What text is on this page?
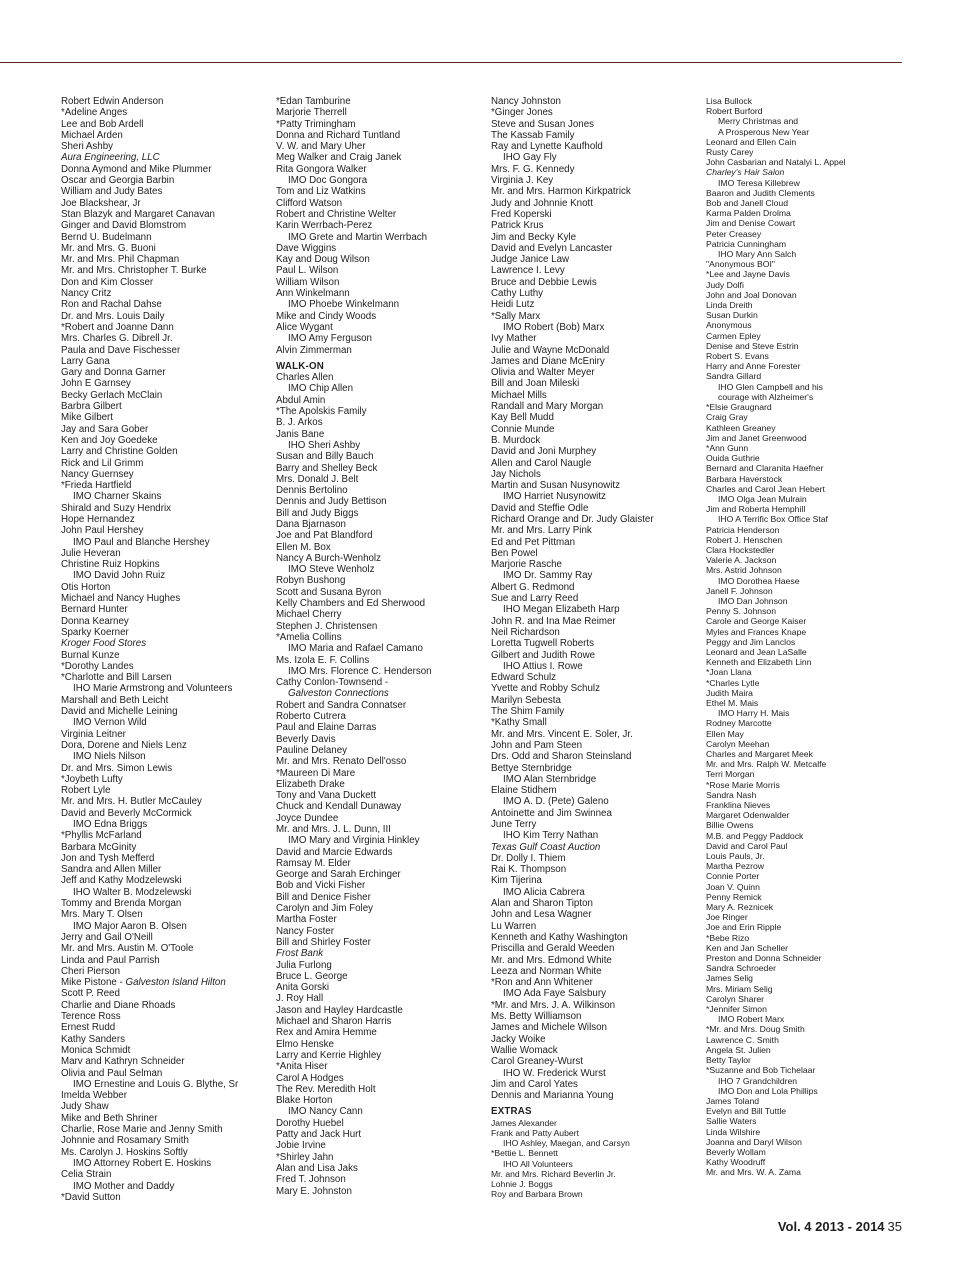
Robert Edwin Anderson
*Adeline Anges
Lee and Bob Ardell
Michael Arden
Sheri Ashby
Aura Engineering, LLC
Donna Aymond and Mike Plummer
Oscar and Georgia Barbin
William and Judy Bates
Joe Blackshear, Jr
Stan Blazyk and Margaret Canavan
Ginger and David Blomstrom
Bernd U. Budelmann
Mr. and Mrs. G. Buoni
Mr. and Mrs. Phil Chapman
Mr. and Mrs. Christopher T. Burke
Don and Kim Closser
Nancy Critz
Ron and Rachal Dahse
Dr. and Mrs. Louis Daily
*Robert and Joanne Dann
Mrs. Charles G. Dibrell Jr.
Paula and Dave Fischesser
Larry Gana
Gary and Donna Garner
John E Garnsey
Becky Gerlach McClain
Barbra Gilbert
Mike Gilbert
Jay and Sara Gober
Ken and Joy Goedeke
Larry and Christine Golden
Rick and Lil Grimm
Nancy Guernsey
*Frieda Hartfield
IMO Charner Skains
Shirald and Suzy Hendrix
Hope Hernandez
John Paul Hershey
IMO Paul and Blanche Hershey
Julie Heveran
Christine Ruiz Hopkins
IMO David John Ruiz
Otis Horton
Michael and Nancy Hughes
Bernard Hunter
Donna Kearney
Sparky Koerner
Kroger Food Stores
Burnal Kunze
*Dorothy Landes
*Charlotte and Bill Larsen
IHO Marie Armstrong and Volunteers
Marshall and Beth Leicht
David and Michelle Leining
IMO Vernon Wild
Virginia Leitner
Dora, Dorene and Niels Lenz
IMO Niels Nilson
Dr. and Mrs. Simon Lewis
*Joybeth Lufty
Robert Lyle
Mr. and Mrs. H. Butler McCauley
David and Beverly McCormick
IMO Edna Briggs
*Phyllis McFarland
Barbara McGinity
Jon and Tysh Mefferd
Sandra and Allen Miller
Jeff and Kathy Modzelewski
IHO Walter B. Modzelewski
Tommy and Brenda Morgan
Mrs. Mary T. Olsen
IMO Major Aaron B. Olsen
Jerry and Gail O'Neill
Mr. and Mrs. Austin M. O'Toole
Linda and Paul Parrish
Cheri Pierson
Mike Pistone - Galveston Island Hilton
Scott P. Reed
Charlie and Diane Rhoads
Terence Ross
Ernest Rudd
Kathy Sanders
Monica Schmidt
Marv and Kathryn Schneider
Olivia and Paul Selman
IMO Ernestine and Louis G. Blythe, Sr
Imelda Webber
Judy Shaw
Mike and Beth Shriner
Charlie, Rose Marie and Jenny Smith
Johnnie and Rosamary Smith
Ms. Carolyn J. Hoskins Softly
IMO Attorney Robert E. Hoskins
Celia Strain
IMO Mother and Daddy
*David Sutton
*Edan Tamburine
Marjorie Therrell
*Patty Trimingham
Donna and Richard Tuntland
V. W. and Mary Uher
Meg Walker and Craig Janek
Rita Gongora Walker
IMO Doc Gongora
Tom and Liz Watkins
Clifford Watson
Robert and Christine Welter
Karin Werrbach-Perez
IMO Grete and Martin Werrbach
Dave Wiggins
Kay and Doug Wilson
Paul L. Wilson
William Wilson
Ann Winkelmann
IMO Phoebe Winkelmann
Mike and Cindy Woods
Alice Wygant
IMO Amy Ferguson
Alvin Zimmerman
WALK-ON
Charles Allen
IMO Chip Allen
Abdul Amin
*The Apolskis Family
B. J. Arkos
Janis Bane
IHO Sheri Ashby
Susan and Billy Bauch
Barry and Shelley Beck
Mrs. Donald J. Belt
Dennis Bertolino
Dennis and Judy Bettison
Bill and Judy Biggs
Dana Bjarnason
Joe and Pat Blandford
Ellen M. Box
Nancy A Burch-Wenholz
IMO Steve Wenholz
Robyn Bushong
Scott and Susana Byron
Kelly Chambers and Ed Sherwood
Michael Cherry
Stephen J. Christensen
*Amelia Collins
IMO Maria and Rafael Camano
Ms. Izola E. F. Collins
IMO Mrs. Florence C. Henderson
Cathy Conlon-Townsend -
Galveston Connections
Robert and Sandra Connatser
Roberto Cutrera
Paul and Elaine Darras
Beverly Davis
Pauline Delaney
Mr. and Mrs. Renato Dell'osso
*Maureen Di Mare
Elizabeth Drake
Tony and Vana Duckett
Chuck and Kendall Dunaway
Joyce Dundee
Mr. and Mrs. J. L. Dunn, III
IMO Mary and Virginia Hinkley
David and Marcie Edwards
Ramsay M. Elder
George and Sarah Erchinger
Bob and Vicki Fisher
Bill and Denice Fisher
Carolyn and Jim Foley
Martha Foster
Nancy Foster
Bill and Shirley Foster
Frost Bank
Julia Furlong
Bruce L. George
Anita Gorski
J. Roy Hall
Jason and Hayley Hardcastle
Michael and Sharon Harris
Rex and Amira Hemme
Elmo Henske
Larry and Kerrie Highley
*Anita Hiser
Carol A Hodges
The Rev. Meredith Holt
Blake Horton
IMO Nancy Cann
Dorothy Huebel
Patty and Jack Hurt
Jobie Irvine
*Shirley Jahn
Alan and Lisa Jaks
Fred T. Johnson
Mary E. Johnston
Nancy Johnston
*Ginger Jones
Steve and Susan Jones
The Kassab Family
Ray and Lynette Kaufhold
IHO Gay Fly
Mrs. F. G. Kennedy
Virginia J. Key
Mr. and Mrs. Harmon Kirkpatrick
Judy and Johnnie Knott
Fred Koperski
Patrick Krus
Jim and Becky Kyle
David and Evelyn Lancaster
Judge Janice Law
Lawrence I. Levy
Bruce and Debbie Lewis
Cathy Luthy
Heidi Lutz
*Sally Marx
IMO Robert (Bob) Marx
Ivy Mather
Julie and Wayne McDonald
James and Diane McEniry
Olivia and Walter Meyer
Bill and Joan Mileski
Michael Mills
Randall and Mary Morgan
Kay Bell Mudd
Connie Munde
B. Murdock
David and Joni Murphey
Allen and Carol Naugle
Jay Nichols
Martin and Susan Nusynowitz
IMO Harriet Nusynowitz
David and Steffie Odle
Richard Orange and Dr. Judy Glaister
Mr. and Mrs. Larry Pink
Ed and Pet Pittman
Ben Powel
Marjorie Rasche
IMO Dr. Sammy Ray
Albert G. Redmond
Sue and Larry Reed
IHO Megan Elizabeth Harp
John R. and Ina Mae Reimer
Neil Richardson
Loretta Tugwell Roberts
Gilbert and Judith Rowe
IHO Attius I. Rowe
Edward Schulz
Yvette and Robby Schulz
Marilyn Sebesta
The Shim Family
*Kathy Small
Mr. and Mrs. Vincent E. Soler, Jr.
John and Pam Steen
Drs. Odd and Sharon Steinsland
Bettye Sternbridge
IMO Alan Sternbridge
Elaine Stidhem
IMO A. D. (Pete) Galeno
Antoinette and Jim Swinnea
June Terry
IHO Kim Terry Nathan
Texas Gulf Coast Auction
Dr. Dolly I. Thiem
Rai K. Thompson
Kim Tijerina
IMO Alicia Cabrera
Alan and Sharon Tipton
John and Lesa Wagner
Lu Warren
Kenneth and Kathy Washington
Priscilla and Gerald Weeden
Mr. and Mrs. Edmond White
Leeza and Norman White
*Ron and Ann Whitener
IMO Ada Faye Salsbury
*Mr. and Mrs. J. A. Wilkinson
Ms. Betty Williamson
James and Michele Wilson
Jacky Woike
Wallie Womack
Carol Greaney-Wurst
IHO W. Frederick Wurst
Jim and Carol Yates
Dennis and Marianna Young
EXTRAS
James Alexander
Frank and Patty Aubert
IHO Ashley, Maegan, and Carsyn
*Bettie L. Bennett
IHO All Volunteers
Mr. and Mrs. Richard Beverlin Jr.
Lohnie J. Boggs
Roy and Barbara Brown
Lisa Bullock
Robert Burford
Merry Christmas and
A Prosperous New Year
Leonard and Ellen Cain
Rusty Carey
John Casbarian and Natalyi L. Appel
Charley's Hair Salon
IMO Teresa Killebrew
Baaron and Judith Clements
Bob and Janell Cloud
Karma Palden Drolma
Jim and Denise Cowart
Peter Creasey
Patricia Cunningham
IHO Mary Ann Salch
"Anonymous BOI"
*Lee and Jayne Davis
Judy Dolfi
John and Joal Donovan
Linda Dreith
Susan Durkin
Anonymous
Carmen Epley
Denise and Steve Estrin
Robert S. Evans
Harry and Anne Forester
Sandra Gillard
IHO Glen Campbell and his
courage with Alzheimer's
*Elsie Graugnard
Craig Gray
Kathleen Greaney
Jim and Janet Greenwood
*Ann Gunn
Ouida Guthrie
Bernard and Claranita Haefner
Barbara Haverstock
Charles and Carol Jean Hebert
IMO Olga Jean Mulrain
Jim and Roberta Hemphill
IHO A Terrific Box Office Staf
Patricia Henderson
Robert J. Henschen
Clara Hockstedler
Valerie A. Jackson
Mrs. Astrid Johnson
IMO Dorothea Haese
Janell F. Johnson
IMO Dan Johnson
Penny S. Johnson
Carole and George Kaiser
Myles and Frances Knape
Peggy and Jim Lanclos
Leonard and Jean LaSalle
Kenneth and Elizabeth Linn
*Joan Llana
*Charles Lytle
Judith Maira
Ethel M. Mais
IMO Harry H. Mais
Rodney Marcotte
Ellen May
Carolyn Meehan
Charles and Margaret Meek
Mr. and Mrs. Ralph W. Metcalfe
Terri Morgan
*Rose Marie Morris
Sandra Nash
Franklina Nieves
Margaret Odenwalder
Billie Owens
M.B. and Peggy Paddock
David and Carol Paul
Louis Pauls, Jr.
Martha Pezrow
Connie Porter
Joan V. Quinn
Penny Remick
Mary A. Reznicek
Joe Ringer
Joe and Erin Ripple
*Bebe Rizo
Ken and Jan Scheller
Preston and Donna Schneider
Sandra Schroeder
James Selig
Mrs. Miriam Selig
Carolyn Sharer
*Jennifer Simon
IMO Robert Marx
*Mr. and Mrs. Doug Smith
Lawrence C. Smith
Angela St. Julien
Betty Taylor
*Suzanne and Bob Tichelaar
IHO 7 Grandchildren
IMO Don and Lola Phillips
James Toland
Evelyn and Bill Tuttle
Sallie Waters
Linda Wilshire
Joanna and Daryl Wilson
Beverly Wollam
Kathy Woodruff
Mr. and Mrs. W. A. Zama
Vol. 4 2013 - 2014 35
